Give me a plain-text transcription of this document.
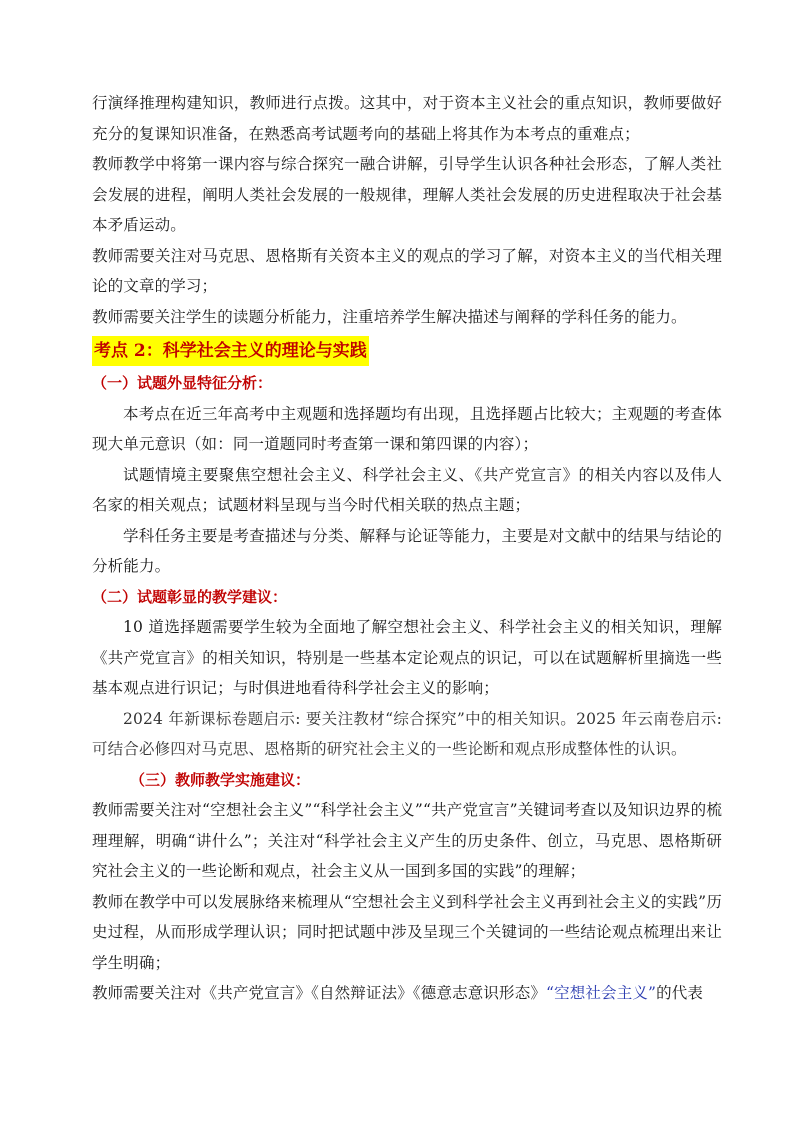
行演绎推理构建知识，教师进行点拨。这其中，对于资本主义社会的重点知识，教师要做好充分的复课知识准备，在熟悉高考试题考向的基础上将其作为本考点的重难点；

教师教学中将第一课内容与综合探究一融合讲解，引导学生认识各种社会形态，了解人类社会发展的进程，阐明人类社会发展的一般规律，理解人类社会发展的历史进程取决于社会基本矛盾运动。

教师需要关注对马克思、恩格斯有关资本主义的观点的学习了解，对资本主义的当代相关理论的文章的学习；

教师需要关注学生的读题分析能力，注重培养学生解决描述与阐释的学科任务的能力。

考点 2：科学社会主义的理论与实践

（一）试题外显特征分析：

本考点在近三年高考中主观题和选择题均有出现，且选择题占比较大；主观题的考查体现大单元意识（如：同一道题同时考查第一课和第四课的内容）；

试题情境主要聚焦空想社会主义、科学社会主义、《共产党宣言》的相关内容以及伟人名家的相关观点；试题材料呈现与当今时代相关联的热点主题；

学科任务主要是考查描述与分类、解释与论证等能力，主要是对文献中的结果与结论的分析能力。

（二）试题彰显的教学建议：

10 道选择题需要学生较为全面地了解空想社会主义、科学社会主义的相关知识，理解《共产党宣言》的相关知识，特别是一些基本定论观点的识记，可以在试题解析里摘选一些基本观点进行识记；与时俱进地看待科学社会主义的影响；

2024 年新课标卷题启示: 要关注教材“综合探究”中的相关知识。2025 年云南卷启示: 可结合必修四对马克思、恩格斯的研究社会主义的一些论断和观点形成整体性的认识。

（三）教师教学实施建议：

教师需要关注对“空想社会主义”“科学社会主义”“共产党宣言”关键词考查以及知识边界的梳理理解，明确“讲什么”；关注对“科学社会主义产生的历史条件、创立，马克思、恩格斯研究社会主义的一些论断和观点，社会主义从一国到多国的实践”的理解；

教师在教学中可以发展脉络来梳理从“空想社会主义到科学社会主义再到社会主义的实践”历史过程，从而形成学理认识；同时把试题中涉及呈现三个关键词的一些结论观点梳理出来让学生明确；

教师需要关注对《共产党宣言》《自然辩证法》《德意志意识形态》“空想社会主义”的代表
